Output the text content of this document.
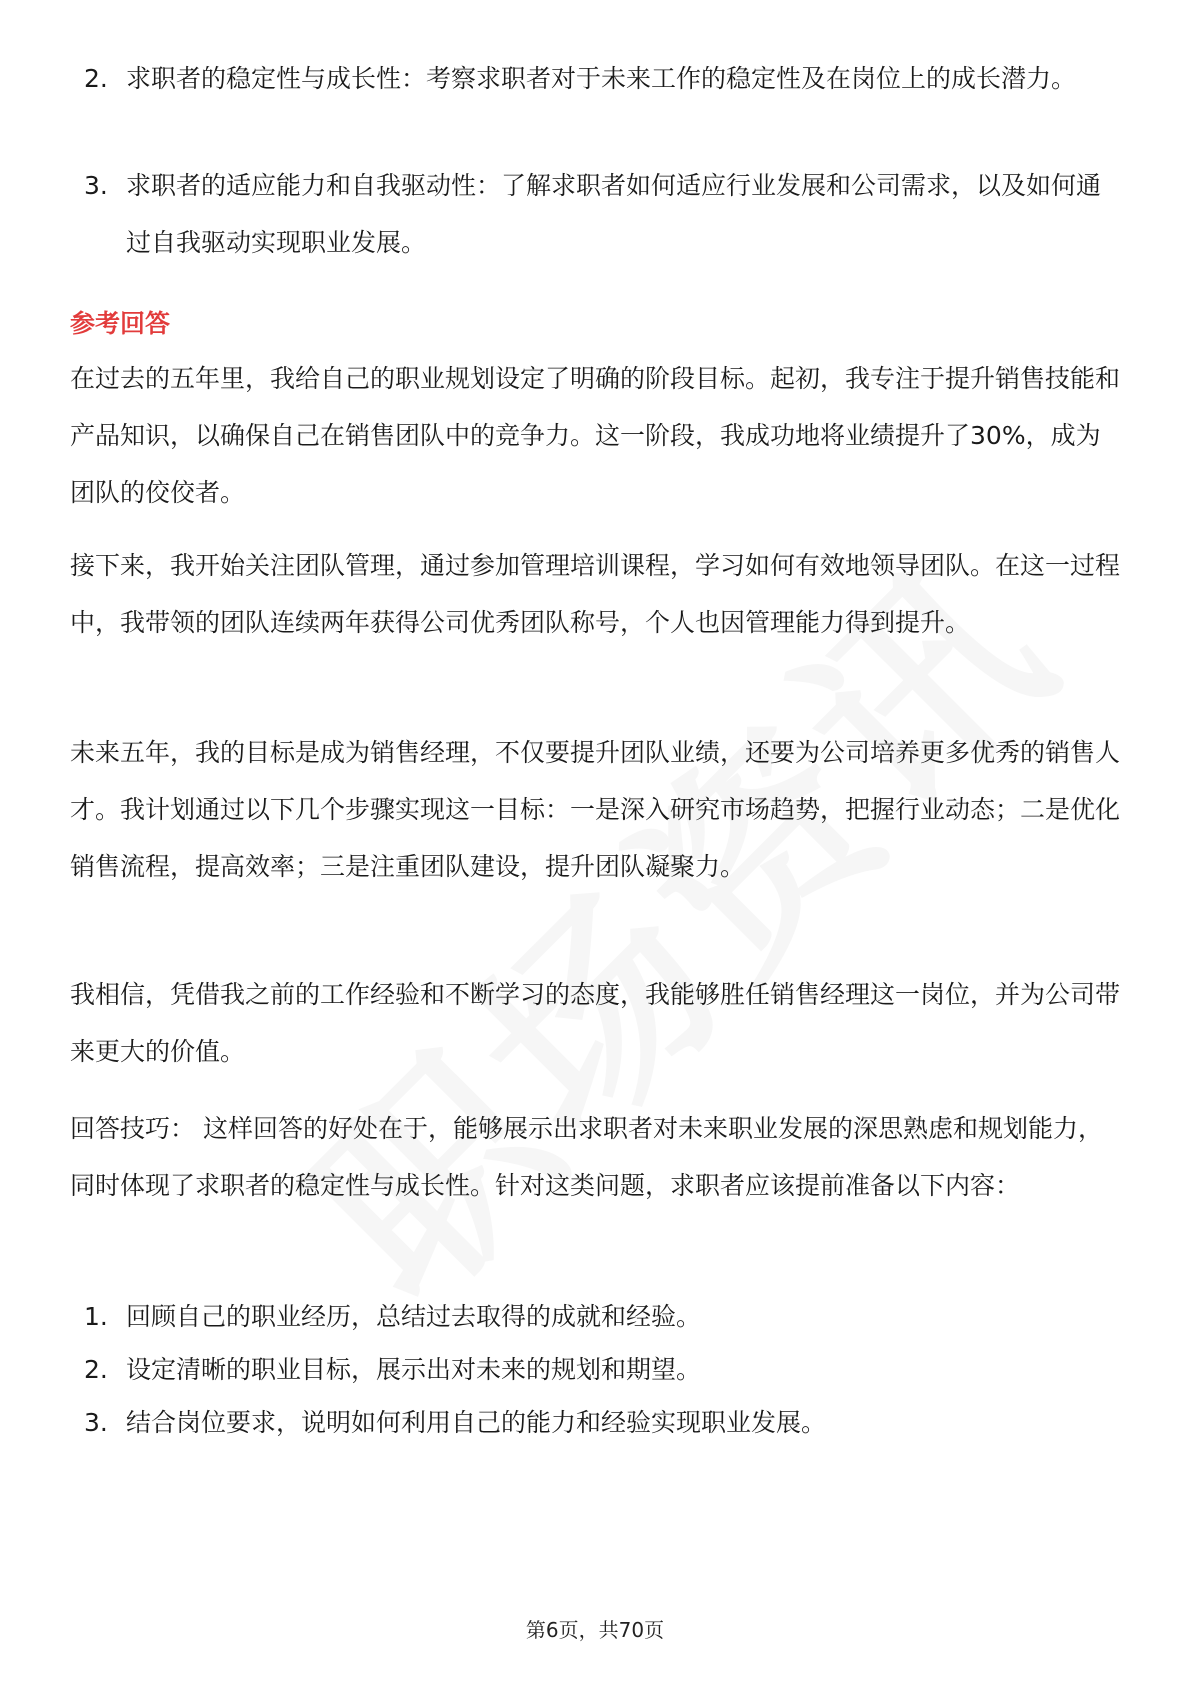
2. 求职者的稳定性与成长性：考察求职者对于未来工作的稳定性及在岗位上的成长潜力。
3. 求职者的适应能力和自我驱动性：了解求职者如何适应行业发展和公司需求，以及如何通过自我驱动实现职业发展。
参考回答

在过去的五年里，我给自己的职业规划设定了明确的阶段目标。起初，我专注于提升销售技能和产品知识，以确保自己在销售团队中的竞争力。这一阶段，我成功地将业绩提升了30%，成为团队的佼佼者。

接下来，我开始关注团队管理，通过参加管理培训课程，学习如何有效地领导团队。在这一过程中，我带领的团队连续两年获得公司优秀团队称号，个人也因管理能力得到提升。

未来五年，我的目标是成为销售经理，不仅要提升团队业绩，还要为公司培养更多优秀的销售人才。我计划通过以下几个步骤实现这一目标：一是深入研究市场趋势，把握行业动态；二是优化销售流程，提高效率；三是注重团队建设，提升团队凝聚力。

我相信，凭借我之前的工作经验和不断学习的态度，我能够胜任销售经理这一岗位，并为公司带来更大的价值。

回答技巧： 这样回答的好处在于，能够展示出求职者对未来职业发展的深思熟虑和规划能力，同时体现了求职者的稳定性与成长性。针对这类问题，求职者应该提前准备以下内容：

1. 回顾自己的职业经历，总结过去取得的成就和经验。
2. 设定清晰的职业目标，展示出对未来的规划和期望。
3. 结合岗位要求，说明如何利用自己的能力和经验实现职业发展。
第6页，共70页
